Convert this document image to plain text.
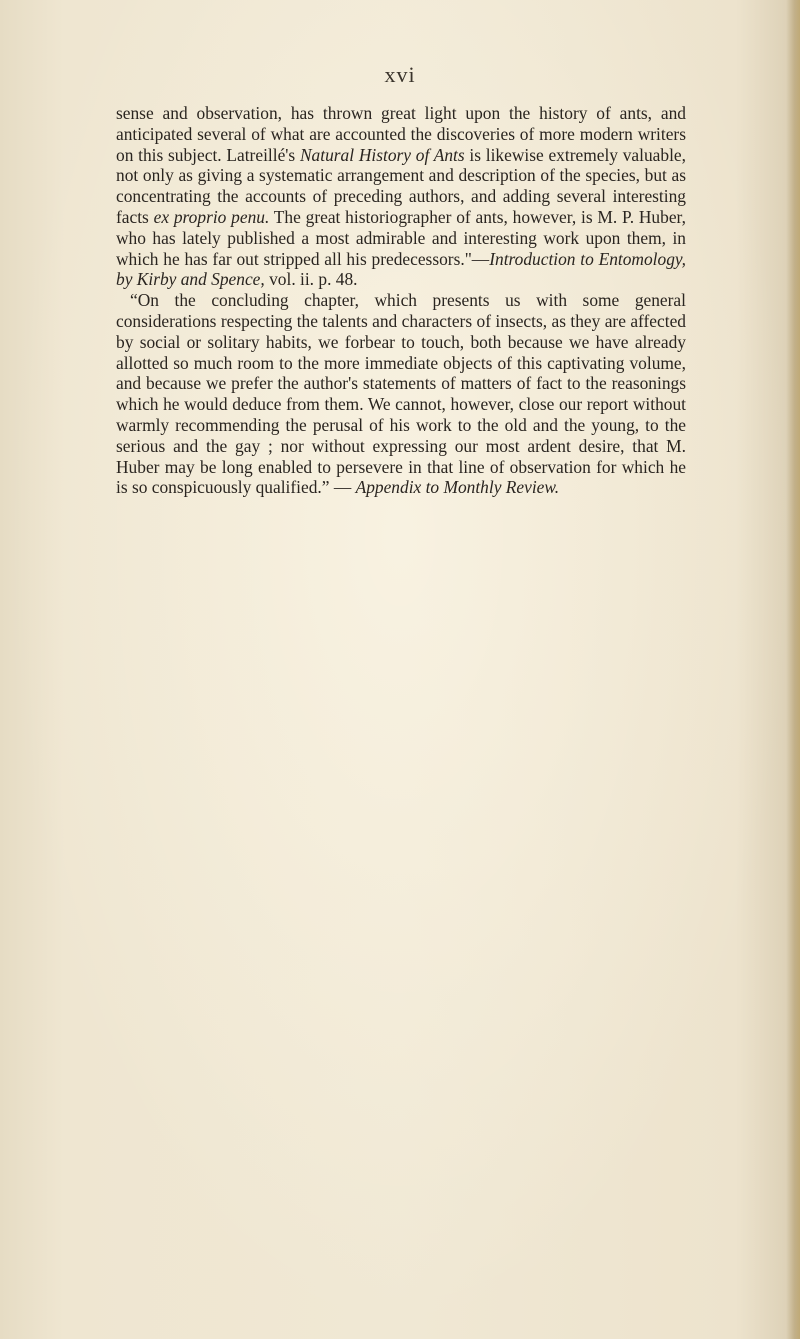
xvi

sense and observation, has thrown great light upon the history of ants, and anticipated several of what are accounted the discoveries of more modern writers on this subject. Latreillé's Natural History of Ants is likewise extremely valuable, not only as giving a systematic arrangement and description of the species, but as concentrating the accounts of preceding authors, and adding several interesting facts ex proprio penu. The great historiographer of ants, however, is M. P. Huber, who has lately published a most admirable and interesting work upon them, in which he has far out stripped all his predecessors."—Introduction to Entomology, by Kirby and Spence, vol. ii. p. 48.

“On the concluding chapter, which presents us with some general considerations respecting the talents and characters of insects, as they are affected by social or solitary habits, we forbear to touch, both because we have already allotted so much room to the more immediate objects of this captivating volume, and because we prefer the author's statements of matters of fact to the reasonings which he would deduce from them. We cannot, however, close our report without warmly recommending the perusal of his work to the old and the young, to the serious and the gay ; nor without expressing our most ardent desire, that M. Huber may be long enabled to persevere in that line of observation for which he is so conspicuously qualified.” — Appendix to Monthly Review.
